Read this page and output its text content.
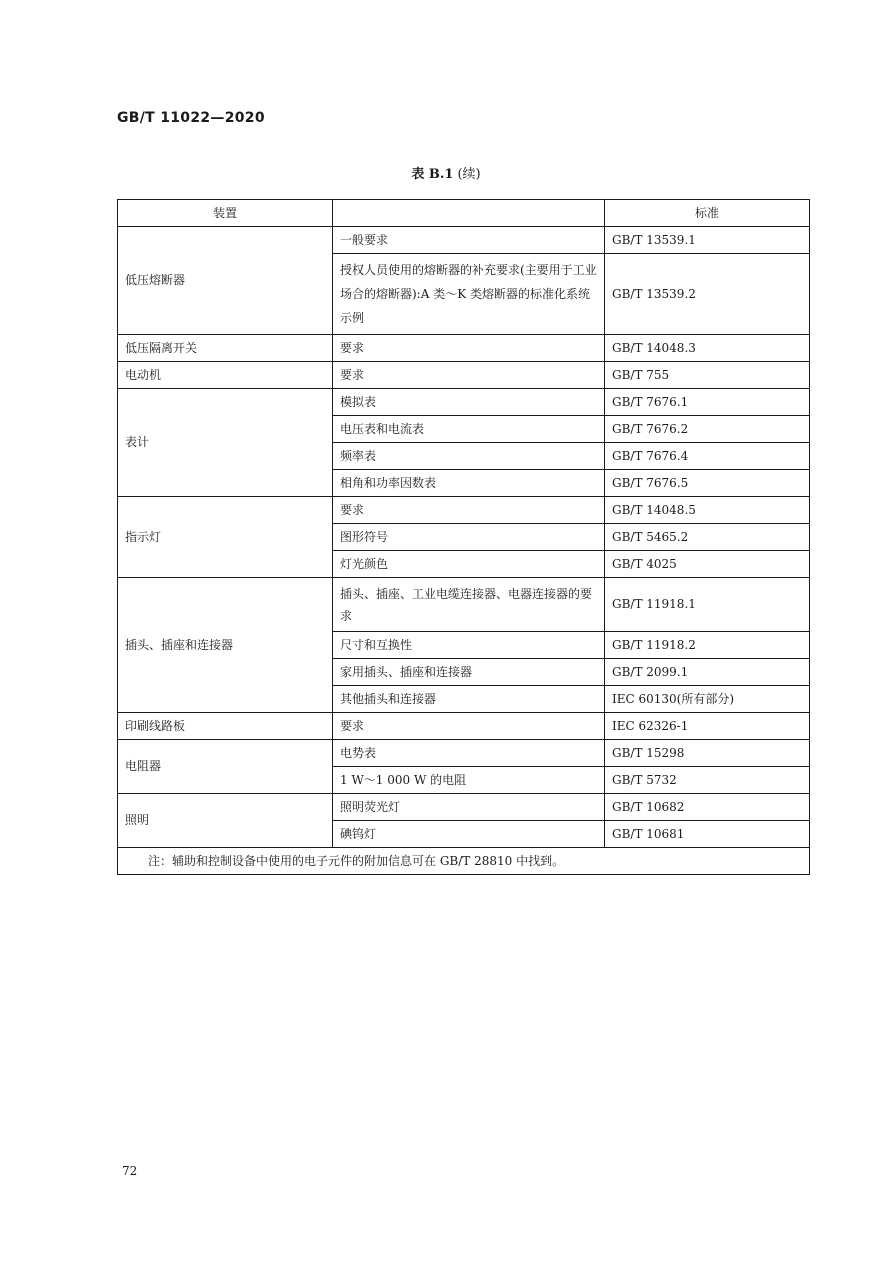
GB/T 11022—2020
表 B.1 (续)
装置		标准
低压熔断器	一般要求	GB/T 13539.1
	授权人员使用的熔断器的补充要求(主要用于工业场合的熔断器):A 类～K 类熔断器的标准化系统示例	GB/T 13539.2
低压隔离开关	要求	GB/T 14048.3
电动机	要求	GB/T 755
表计	模拟表	GB/T 7676.1
	电压表和电流表	GB/T 7676.2
	频率表	GB/T 7676.4
	相角和功率因数表	GB/T 7676.5
指示灯	要求	GB/T 14048.5
	图形符号	GB/T 5465.2
	灯光颜色	GB/T 4025
插头、插座和连接器	插头、插座、工业电缆连接器、电器连接器的要求	GB/T 11918.1
	尺寸和互换性	GB/T 11918.2
	家用插头、插座和连接器	GB/T 2099.1
	其他插头和连接器	IEC 60130(所有部分)
印刷线路板	要求	IEC 62326-1
电阻器	电势表	GB/T 15298
	1 W～1 000 W 的电阻	GB/T 5732
照明	照明荧光灯	GB/T 10682
	碘钨灯	GB/T 10681
注：辅助和控制设备中使用的电子元件的附加信息可在 GB/T 28810 中找到。		
72
